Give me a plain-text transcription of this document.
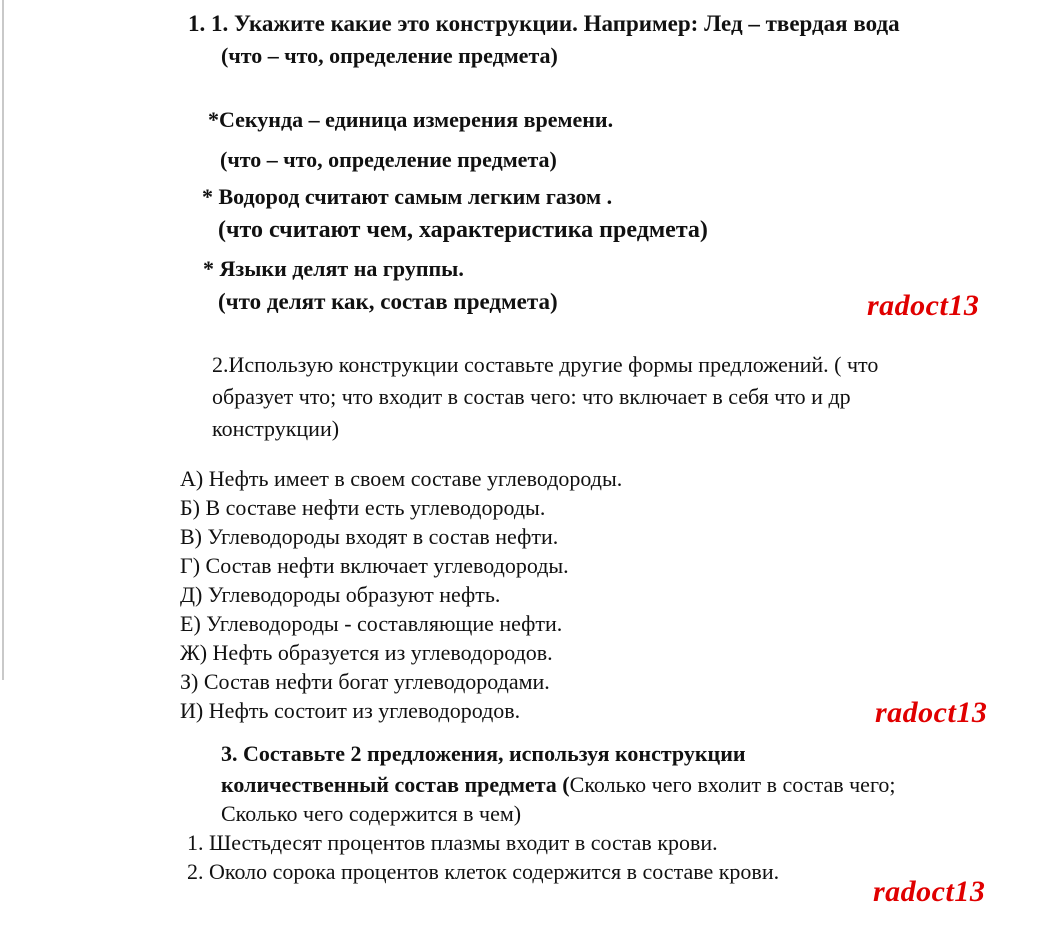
1. 1. Укажите какие это конструкции. Например: Лед – твердая вода
(что – что, определение предмета)
*Секунда – единица измерения времени.
(что – что, определение предмета)
* Водород считают самым легким газом .
(что считают чем, характеристика предмета)
* Языки делят на группы.
(что делят как, состав предмета)	radoct13
2.Использую конструкции составьте другие формы предложений. ( что
образует что; что входит в состав чего: что включает в себя что и др
конструкции)
А) Нефть имеет в своем составе углеводороды.
Б) В составе нефти есть углеводороды.
В) Углеводороды входят в состав нефти.
Г) Состав нефти включает углеводороды.
Д) Углеводороды образуют нефть.
Е) Углеводороды - составляющие нефти.
Ж) Нефть образуется из углеводородов.
З) Состав нефти богат углеводородами.
И) Нефть состоит из углеводородов.	radoct13
3. Составьте 2 предложения, используя конструкции
количественный состав предмета (Сколько чего вхолит в состав чего;
Сколько чего содержится в чем)
1. Шестьдесят процентов плазмы входит в состав крови.
2. Около сорока процентов клеток содержится в составе крови.
radoct13
